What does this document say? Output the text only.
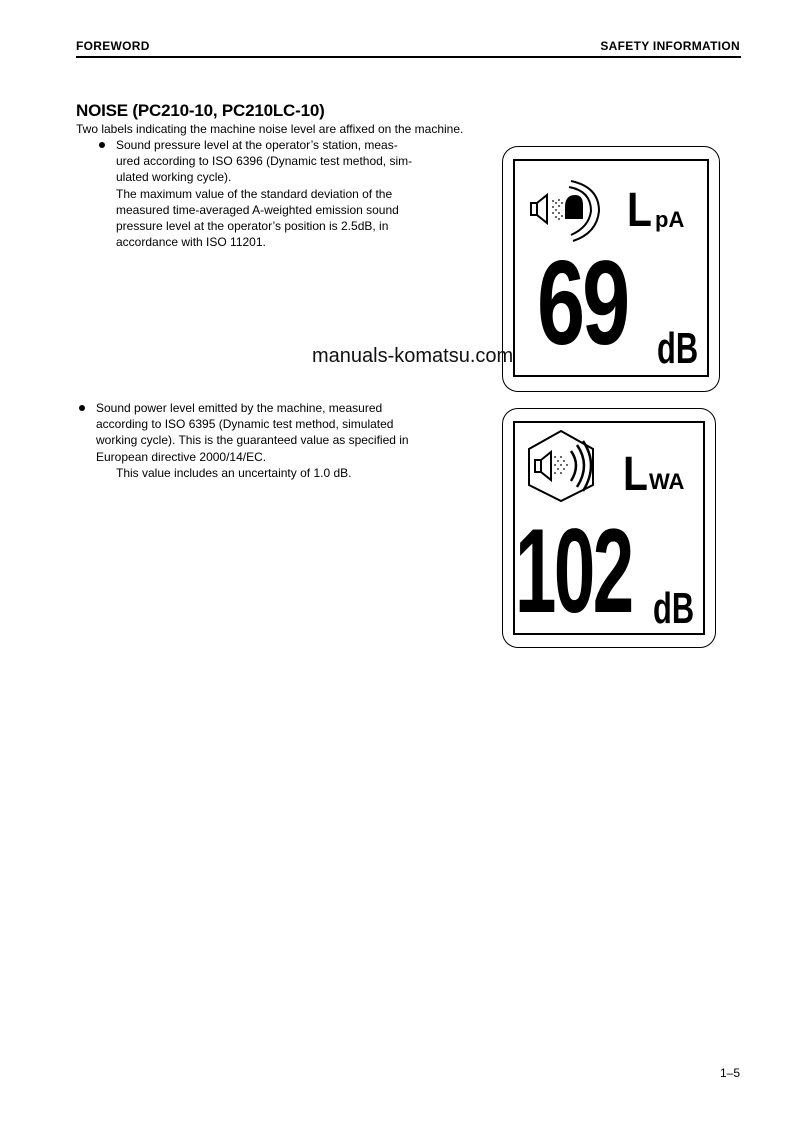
FOREWORD	SAFETY INFORMATION
NOISE (PC210-10, PC210LC-10)
Two labels indicating the machine noise level are affixed on the machine.

Sound pressure level at the operator’s station, meas-

ured according to ISO 6396 (Dynamic test method, sim-

ulated working cycle).

The maximum value of the standard deviation of the

measured time-averaged A-weighted emission sound

pressure level at the operator’s position is 2.5dB, in

accordance with ISO 11201.

Sound power level emitted by the machine, measured

according to ISO 6395 (Dynamic test method, simulated

working cycle). This is the guaranteed value as specified in

European directive 2000/14/EC.

This value includes an uncertainty of 1.0 dB.

L pA
69 dB
L WA
102 dB
manuals-komatsu.com
1–5
